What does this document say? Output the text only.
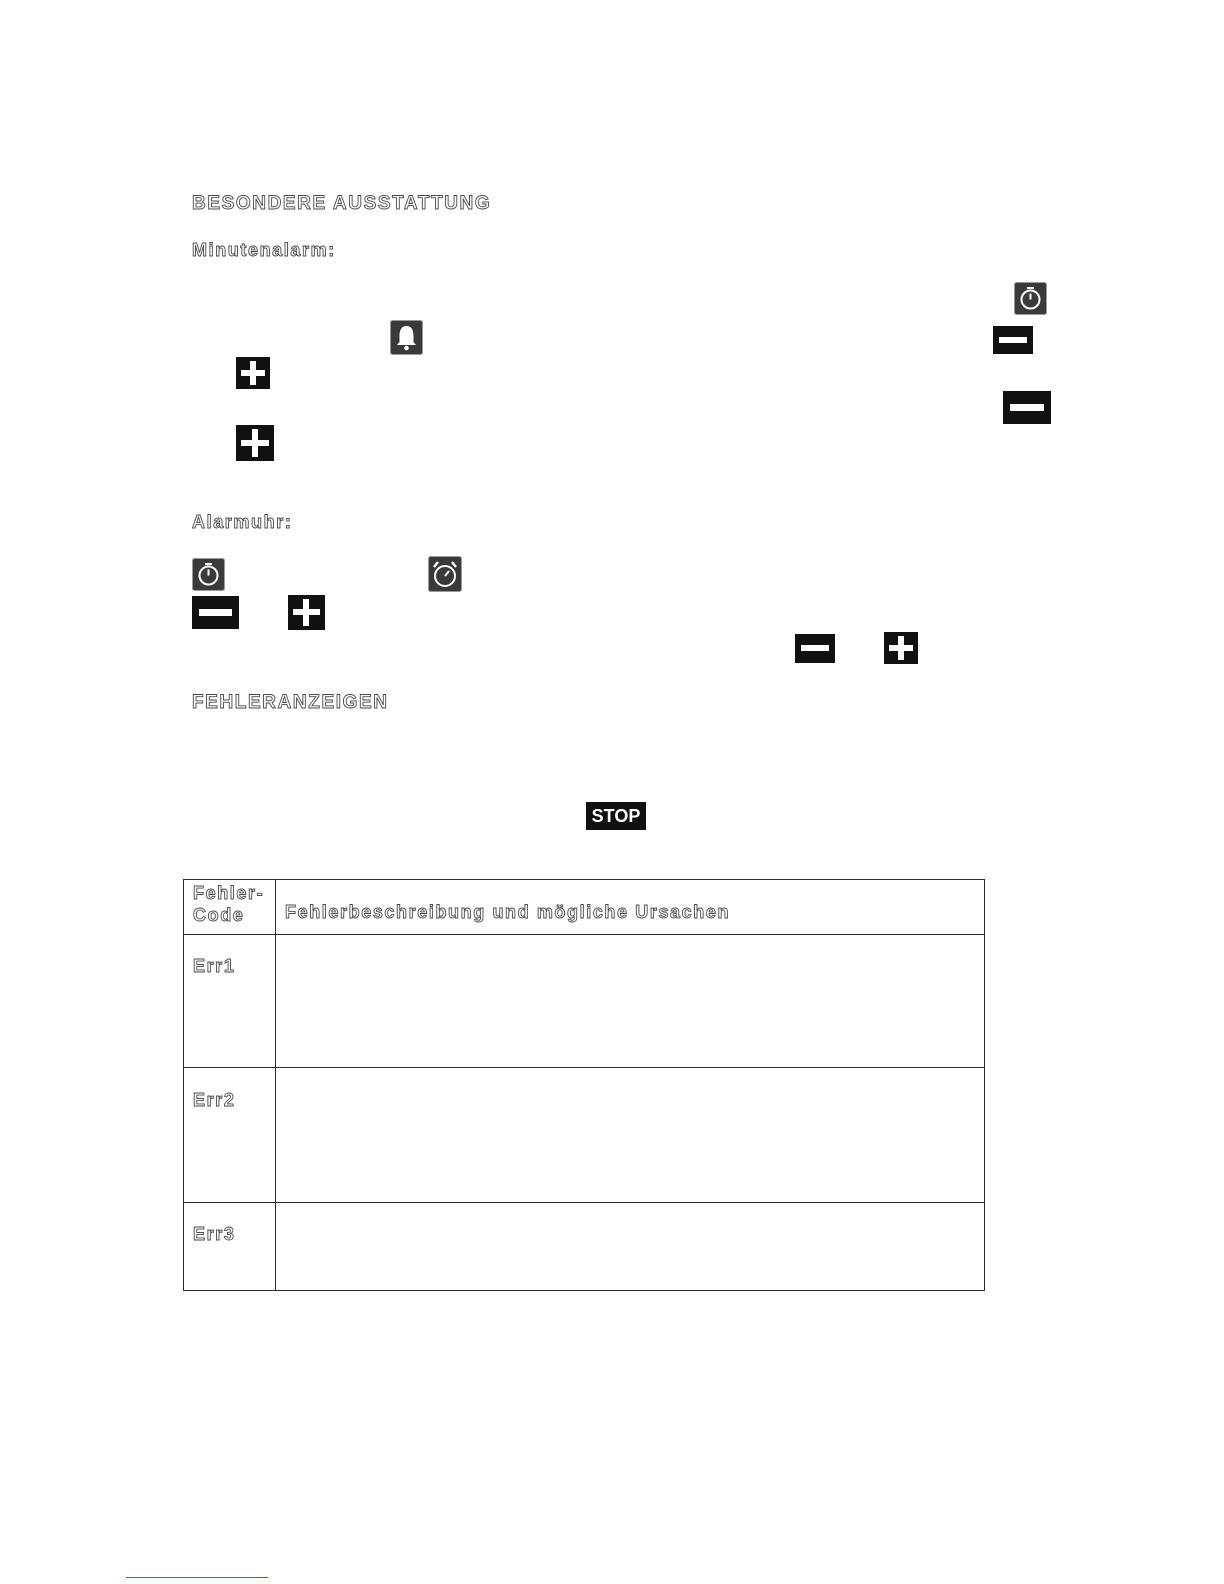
BESONDERE AUSSTATTUNG
Minutenalarm:
Alarmuhr:
FEHLERANZEIGEN
STOP
Fehler-
Code	Fehlerbeschreibung und mögliche Ursachen
Err1
Err2
Err3
